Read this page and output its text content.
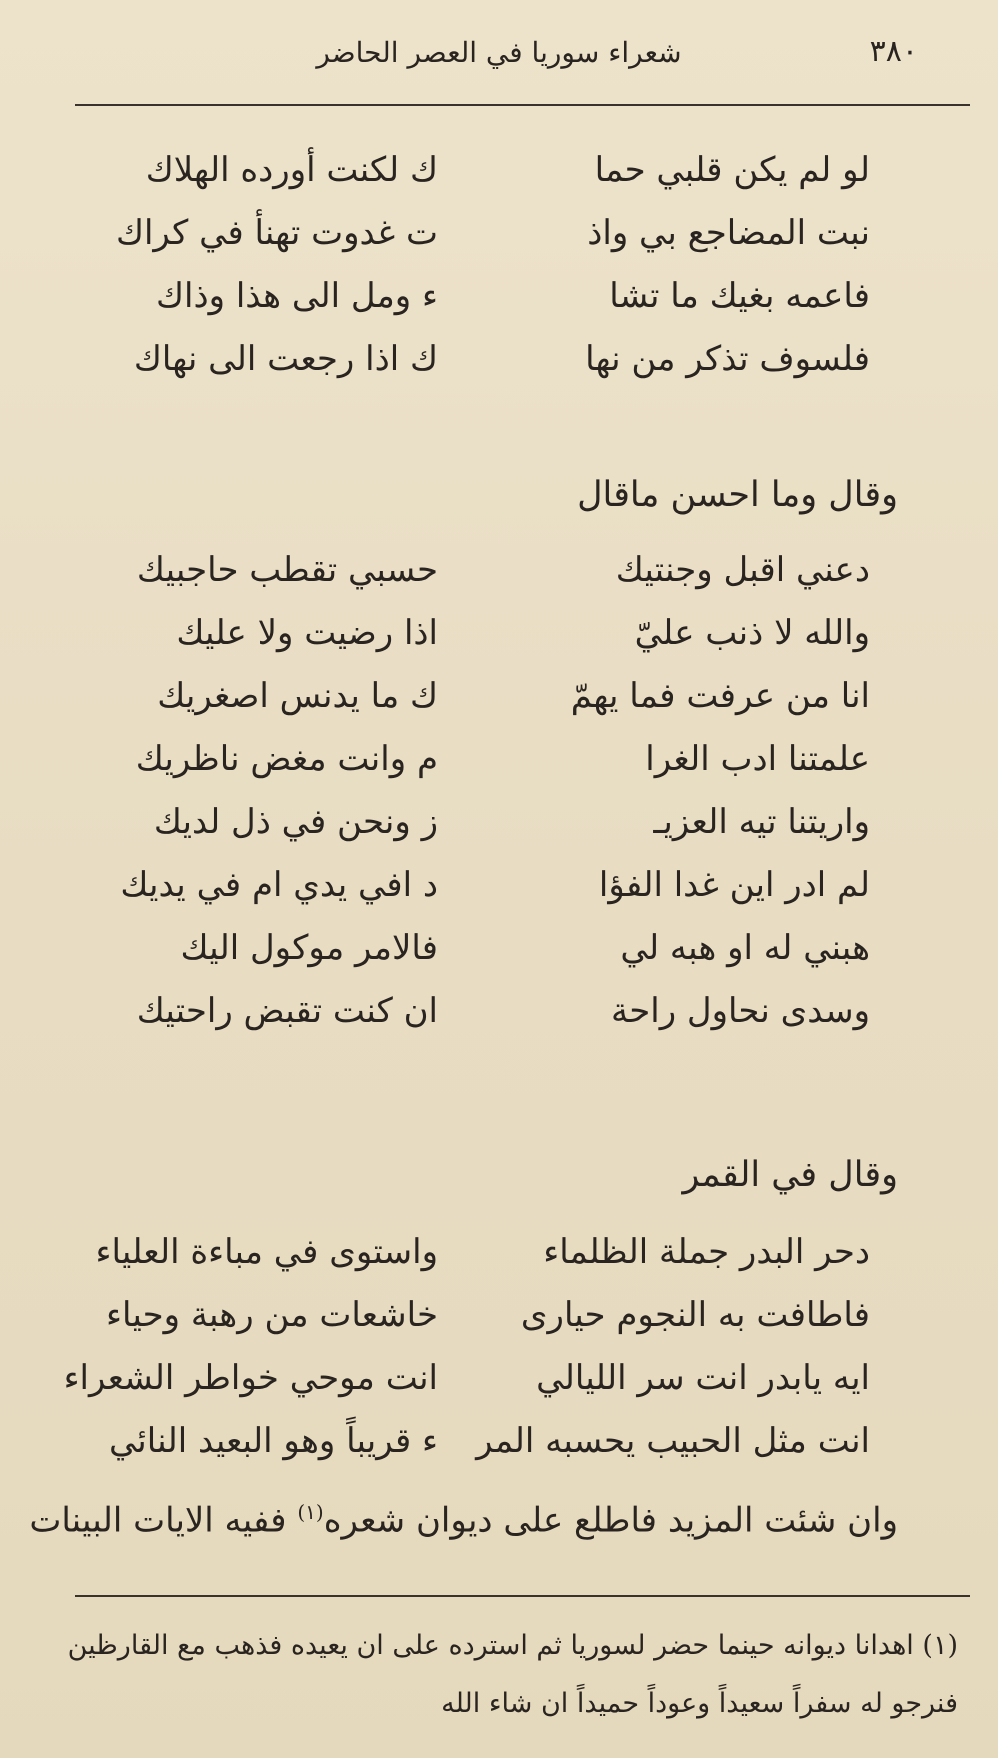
٣٨٠
شعراء سوريا في العصر الحاضر
لو لم يكن قلبي حما
ك لكنت أورده الهلاك
نبت المضاجع بي واذ
ت غدوت تهنأ في كراك
فاعمه بغيك ما تشا
ء ومل الى هذا وذاك
فلسوف تذكر من نها
ك اذا رجعت الى نهاك
وقال وما احسن ماقال
دعني اقبل وجنتيك
حسبي تقطب حاجبيك
والله لا ذنب عليّ
اذا رضيت ولا عليك
انا من عرفت فما يهمّ
ك ما يدنس اصغريك
علمتنا ادب الغرا
م وانت مغض ناظريك
واريتنا تيه العزيـ
ز ونحن في ذل لديك
لم ادر اين غدا الفؤا
د افي يدي ام في يديك
هبني له او هبه لي
فالامر موكول اليك
وسدى نحاول راحة
ان كنت تقبض راحتيك
وقال في القمر
دحر البدر جملة الظلماء
واستوى في مباءة العلياء
فاطافت به النجوم حيارى
خاشعات من رهبة وحياء
ايه يابدر انت سر الليالي
انت موحي خواطر الشعراء
انت مثل الحبيب يحسبه المر
ء قريباً وهو البعيد النائي
وان شئت المزيد فاطلع على ديوان شعره$^{(١)}$ ففيه الايات البينات
(١) اهدانا ديوانه حينما حضر لسوريا ثم استرده على ان يعيده فذهب مع القارظين
فنرجو له سفراً سعيداً وعوداً حميداً ان شاء الله
